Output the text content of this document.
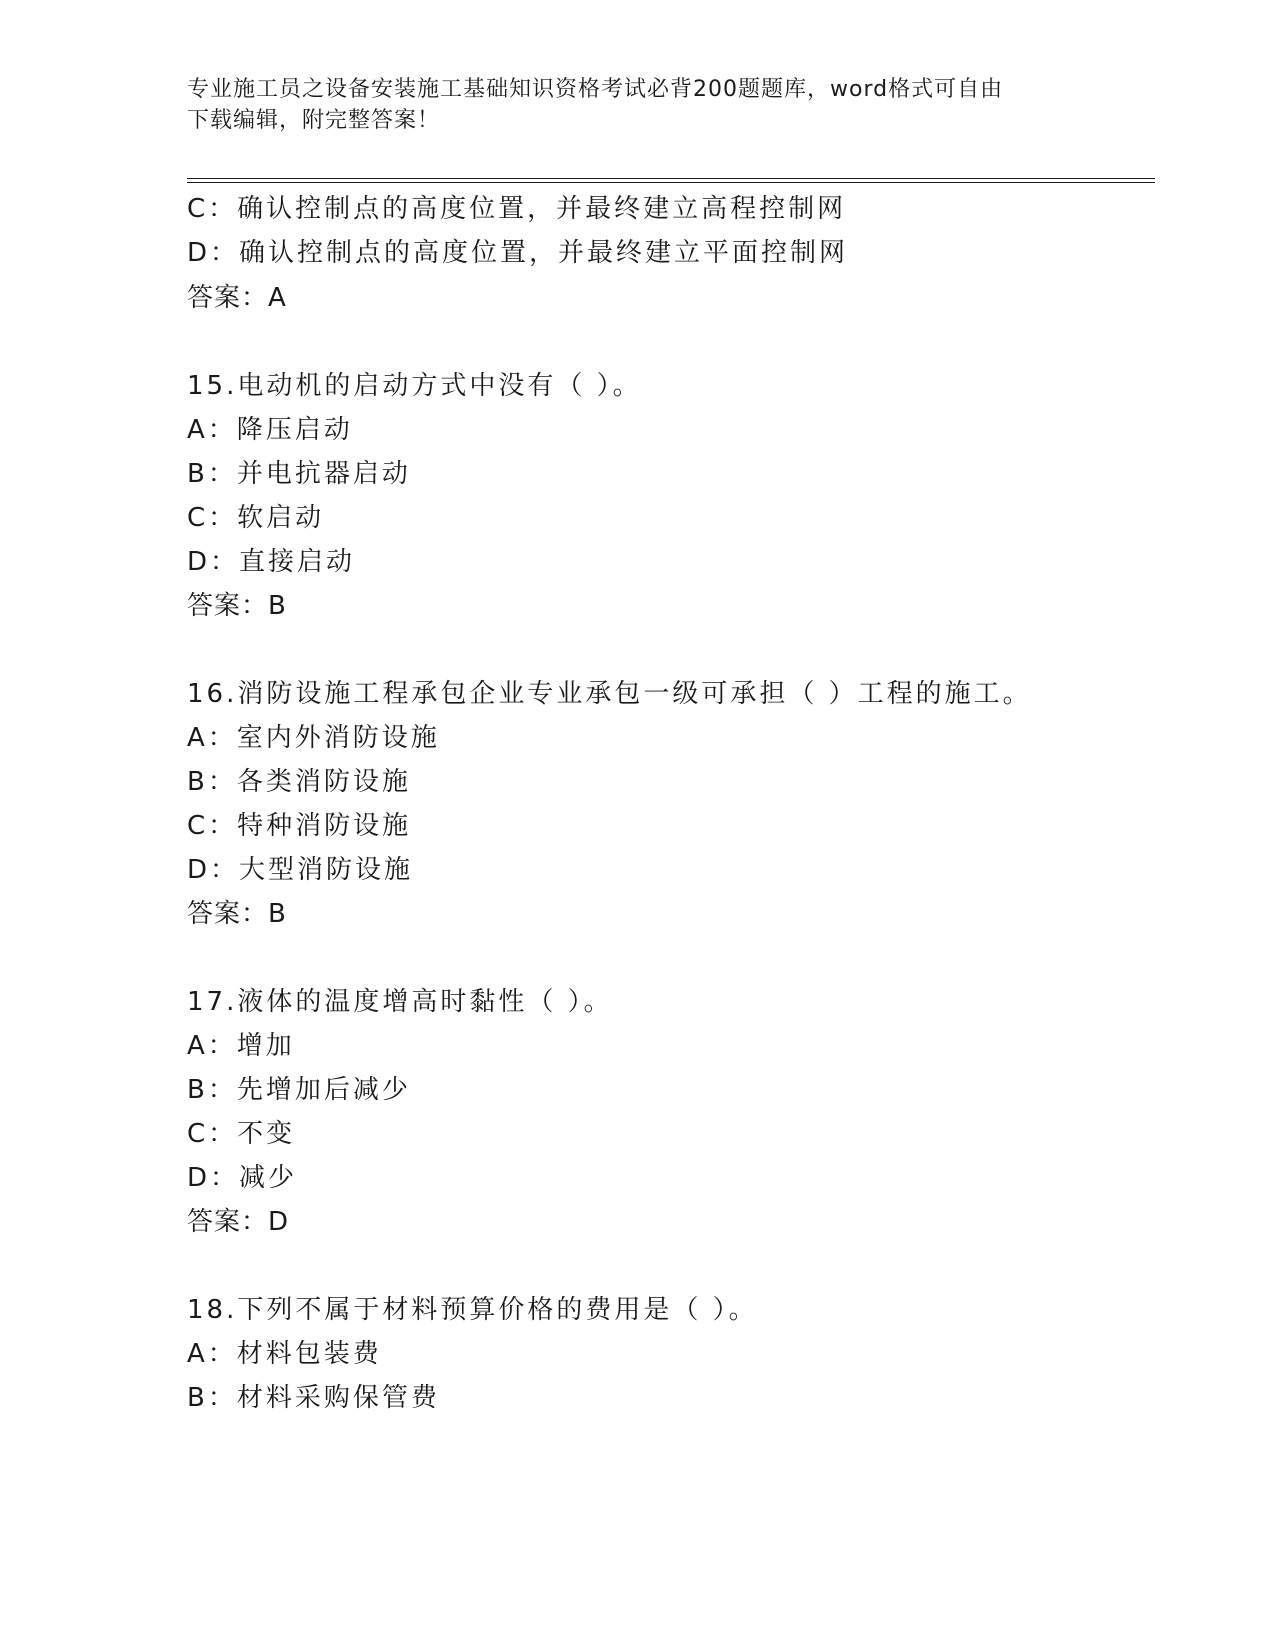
专业施工员之设备安装施工基础知识资格考试必背200题题库，word格式可自由
下载编辑，附完整答案！
C：确认控制点的高度位置，并最终建立高程控制网
D：确认控制点的高度位置，并最终建立平面控制网
答案：A
15.电动机的启动方式中没有（ ）。
A：降压启动
B：并电抗器启动
C：软启动
D：直接启动
答案：B
16.消防设施工程承包企业专业承包一级可承担（ ）工程的施工。
A：室内外消防设施
B：各类消防设施
C：特种消防设施
D：大型消防设施
答案：B
17.液体的温度增高时黏性（ ）。
A：增加
B：先增加后减少
C：不变
D：减少
答案：D
18.下列不属于材料预算价格的费用是（ ）。
A：材料包装费
B：材料采购保管费
